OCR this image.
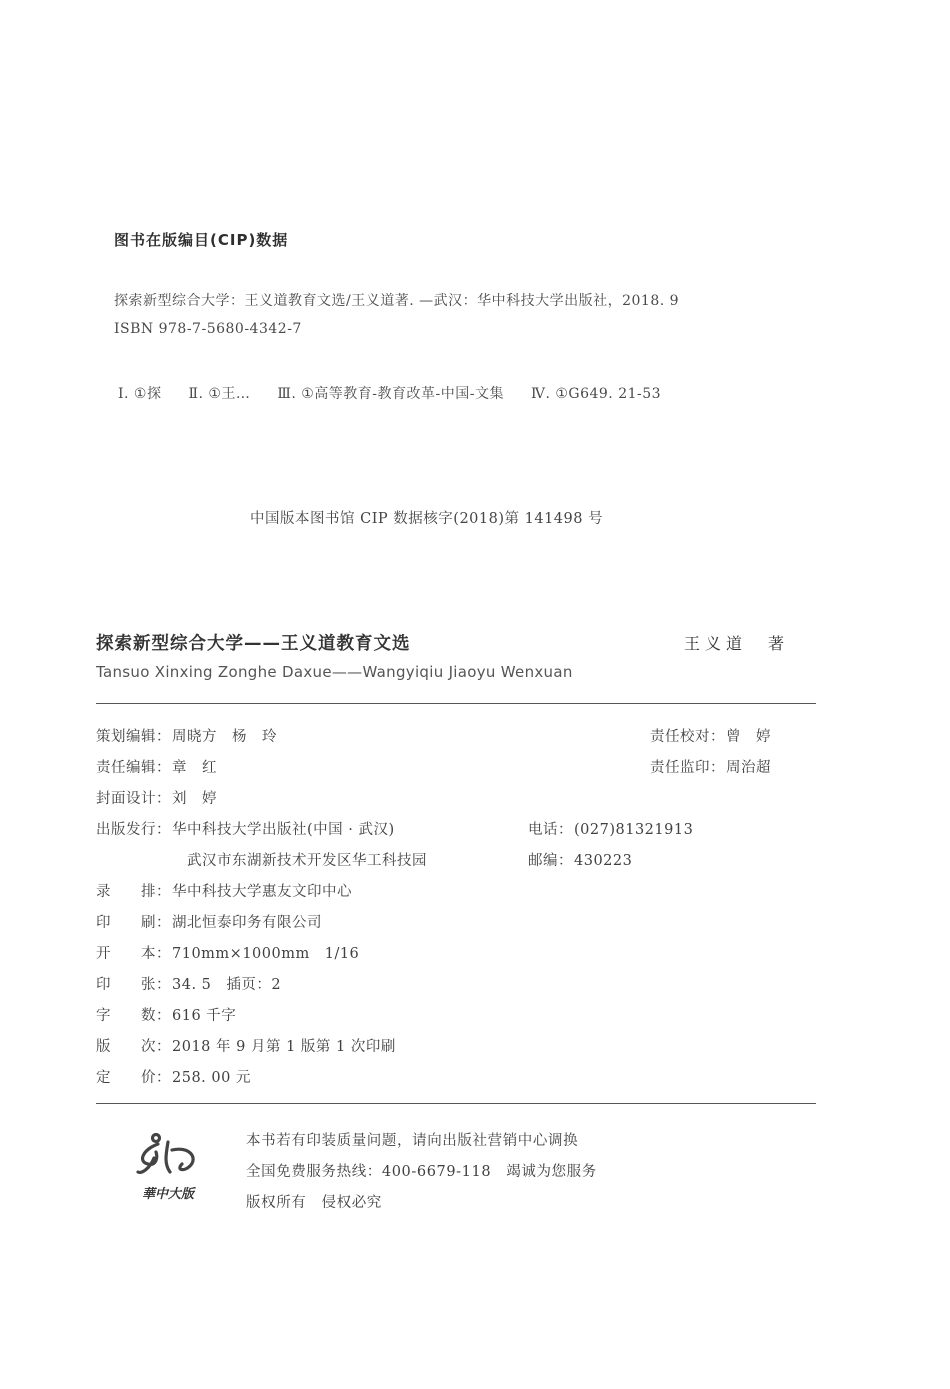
图书在版编目(CIP)数据
探索新型综合大学：王义道教育文选/王义道著. —武汉：华中科技大学出版社，2018. 9
ISBN 978-7-5680-4342-7
Ⅰ. ①探 Ⅱ. ①王… Ⅲ. ①高等教育-教育改革-中国-文集 Ⅳ. ①G649. 21-53
中国版本图书馆 CIP 数据核字(2018)第 141498 号
探索新型综合大学——王义道教育文选	王义道　著
Tansuo Xinxing Zonghe Daxue——Wangyiqiu Jiaoyu Wenxuan
策划编辑：周晓方　杨　玲	责任校对：曾　婷
责任编辑：章　红	责任监印：周治超
封面设计：刘　婷
出版发行：华中科技大学出版社(中国 · 武汉)	电话：(027)81321913
武汉市东湖新技术开发区华工科技园	邮编：430223
录　　排：华中科技大学惠友文印中心
印　　刷：湖北恒泰印务有限公司
开　　本：710mm×1000mm　1/16
印　　张：34. 5　插页：2
字　　数：616 千字
版　　次：2018 年 9 月第 1 版第 1 次印刷
定　　价：258. 00 元
華中大版
本书若有印装质量问题，请向出版社营销中心调换
全国免费服务热线：400-6679-118　竭诚为您服务
版权所有　侵权必究
